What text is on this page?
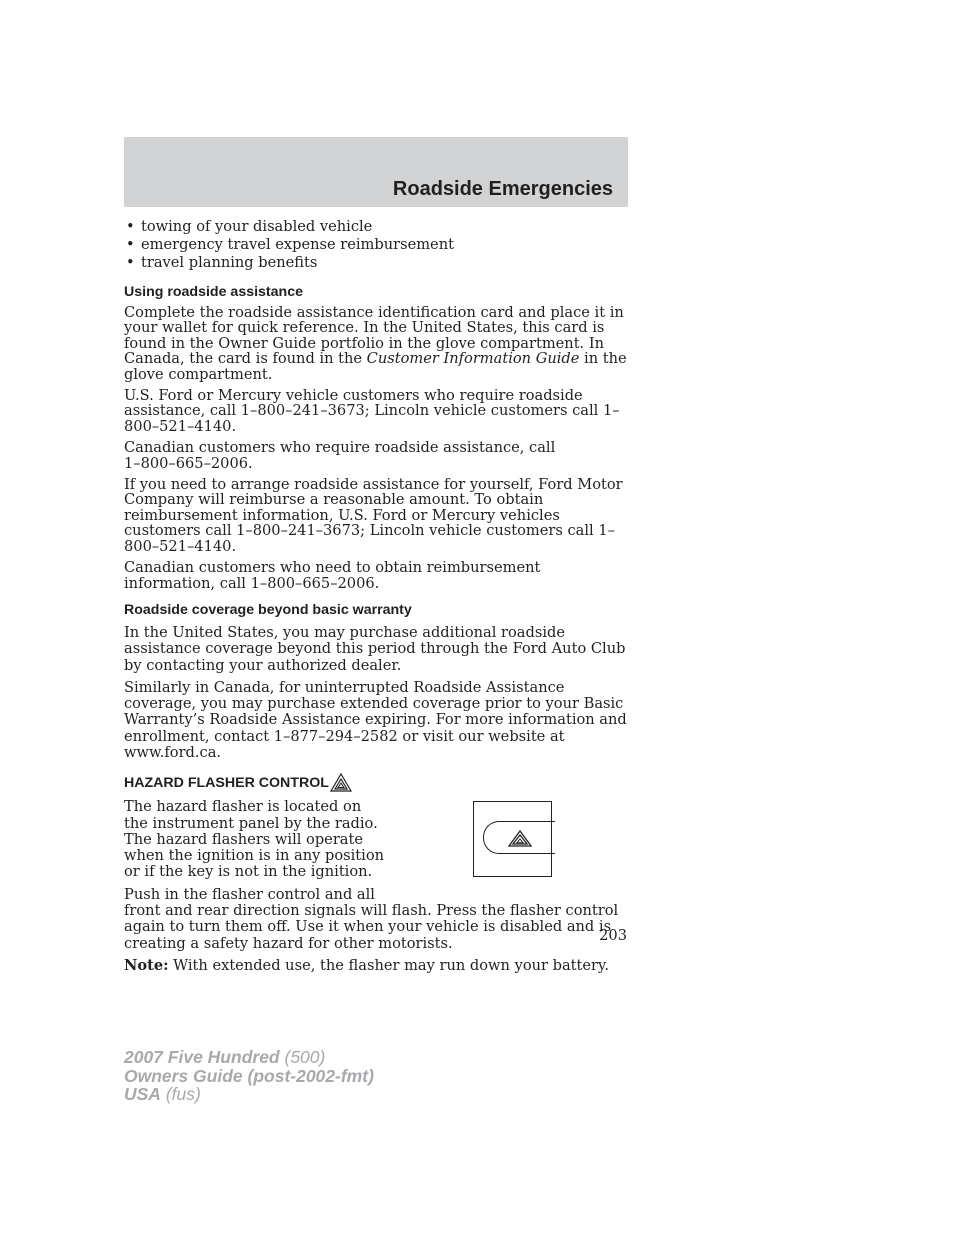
Roadside Emergencies
• towing of your disabled vehicle
• emergency travel expense reimbursement
• travel planning benefits
Using roadside assistance

Complete the roadside assistance identification card and place it in your wallet for quick reference. In the United States, this card is found in the Owner Guide portfolio in the glove compartment. In Canada, the card is found in the Customer Information Guide in the glove compartment.

U.S. Ford or Mercury vehicle customers who require roadside assistance, call 1–800–241–3673; Lincoln vehicle customers call 1–800–521–4140.

Canadian customers who require roadside assistance, call
1–800–665–2006.

If you need to arrange roadside assistance for yourself, Ford Motor Company will reimburse a reasonable amount. To obtain reimbursement information, U.S. Ford or Mercury vehicles customers call 1–800–241–3673; Lincoln vehicle customers call 1–800–521–4140.

Canadian customers who need to obtain reimbursement information, call 1–800–665–2006.

Roadside coverage beyond basic warranty

In the United States, you may purchase additional roadside assistance coverage beyond this period through the Ford Auto Club by contacting your authorized dealer.

Similarly in Canada, for uninterrupted Roadside Assistance coverage, you may purchase extended coverage prior to your Basic Warranty’s Roadside Assistance expiring. For more information and enrollment, contact 1–877–294–2582 or visit our website at www.ford.ca.

HAZARD FLASHER CONTROL

The hazard flasher is located on the instrument panel by the radio. The hazard flashers will operate when the ignition is in any position or if the key is not in the ignition.

Push in the flasher control and all

front and rear direction signals will flash. Press the flasher control again to turn them off. Use it when your vehicle is disabled and is creating a safety hazard for other motorists.

Note: With extended use, the flasher may run down your battery.

203
2007 Five Hundred (500)
Owners Guide (post-2002-fmt)
USA (fus)
